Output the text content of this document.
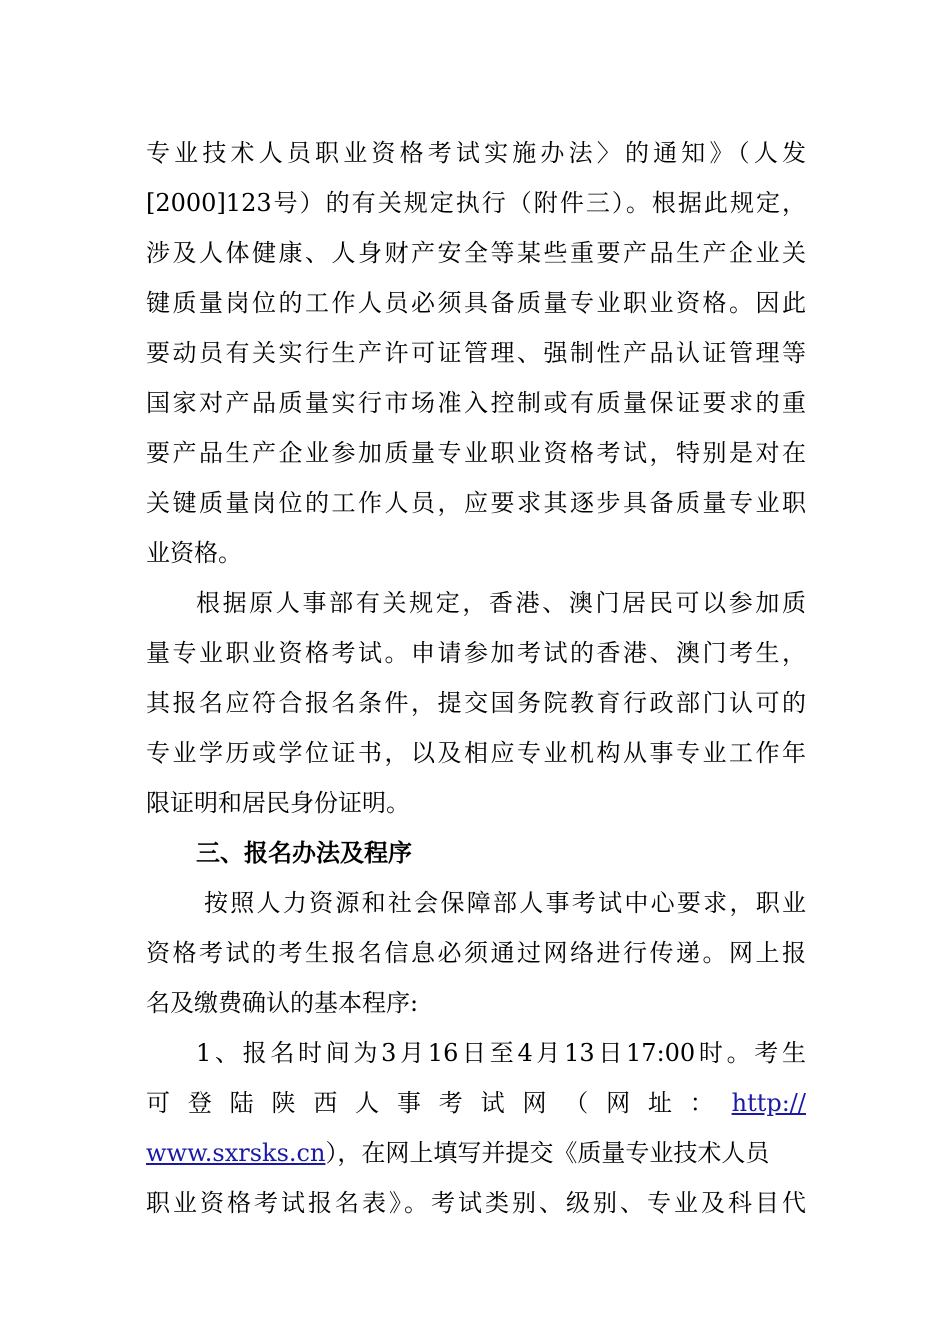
专业技术人员职业资格考试实施办法〉的通知》（人发
[2000]123号）的有关规定执行（附件三）。根据此规定，
涉及人体健康、人身财产安全等某些重要产品生产企业关
键质量岗位的工作人员必须具备质量专业职业资格。因此
要动员有关实行生产许可证管理、强制性产品认证管理等
国家对产品质量实行市场准入控制或有质量保证要求的重
要产品生产企业参加质量专业职业资格考试，特别是对在
关键质量岗位的工作人员，应要求其逐步具备质量专业职
业资格。
根据原人事部有关规定，香港、澳门居民可以参加质
量专业职业资格考试。申请参加考试的香港、澳门考生，
其报名应符合报名条件，提交国务院教育行政部门认可的
专业学历或学位证书，以及相应专业机构从事专业工作年
限证明和居民身份证明。
三、报名办法及程序
按照人力资源和社会保障部人事考试中心要求，职业
资格考试的考生报名信息必须通过网络进行传递。网上报
名及缴费确认的基本程序:
1、报名时间为3月16日至4月13日17:00时。考生
可 登 陆 陕 西 人 事 考 试 网 （ 网 址 ： http://
www.sxrsks.cn），在网上填写并提交《质量专业技术人员
职业资格考试报名表》。考试类别、级别、专业及科目代
